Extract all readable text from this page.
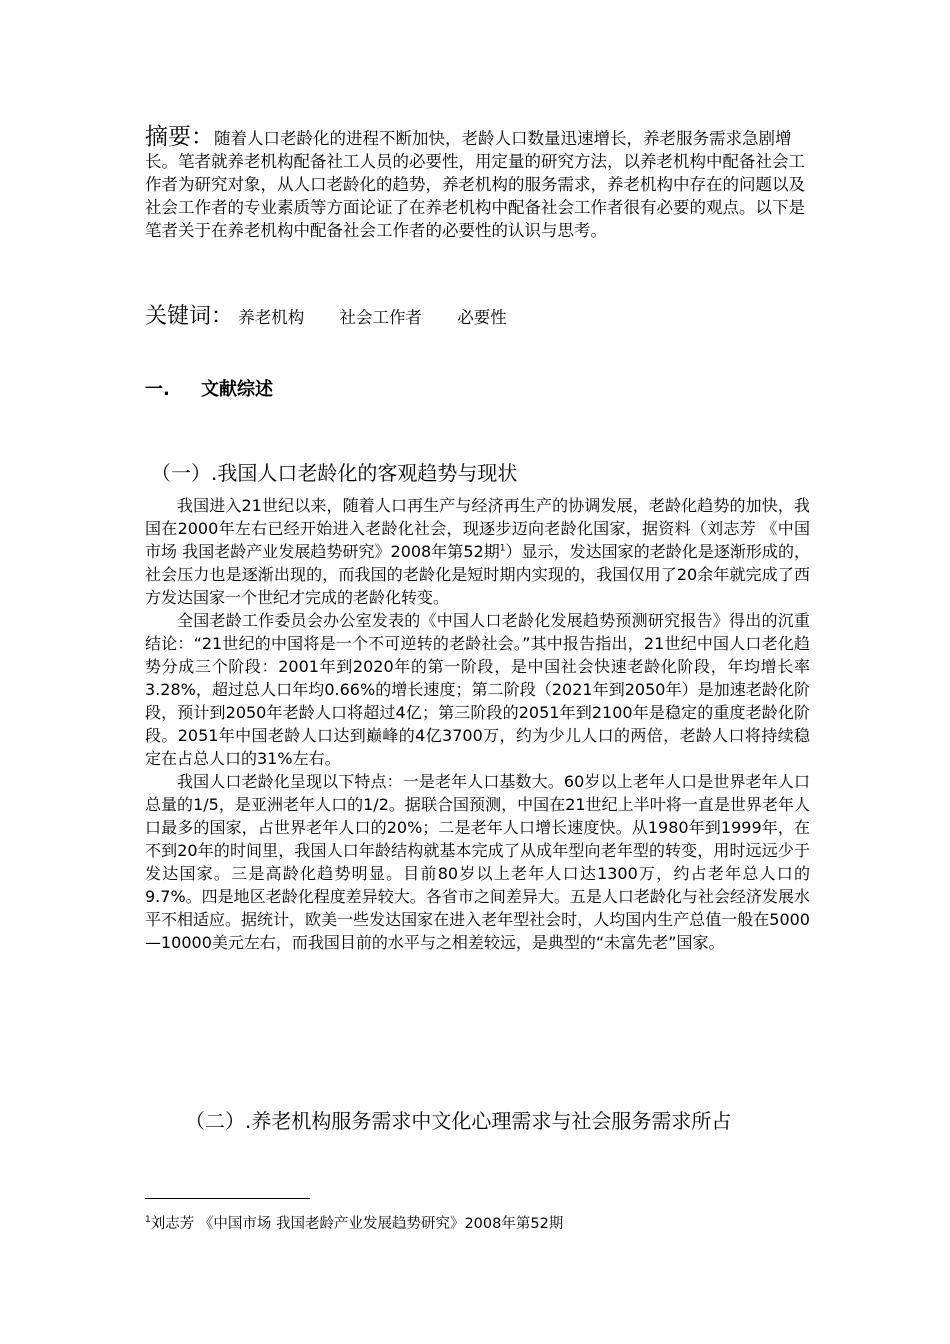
摘要：随着人口老龄化的进程不断加快，老龄人口数量迅速增长，养老服务需求急剧增长。笔者就养老机构配备社工人员的必要性，用定量的研究方法，以养老机构中配备社会工作者为研究对象，从人口老龄化的趋势，养老机构的服务需求，养老机构中存在的问题以及社会工作者的专业素质等方面论证了在养老机构中配备社会工作者很有必要的观点。以下是笔者关于在养老机构中配备社会工作者的必要性的认识与思考。
关键词： 养老机构 社会工作者 必要性
一. 文献综述
（一）.我国人口老龄化的客观趋势与现状

我国进入21世纪以来，随着人口再生产与经济再生产的协调发展，老龄化趋势的加快，我国在2000年左右已经开始进入老龄化社会，现逐步迈向老龄化国家，据资料（刘志芳 《中国市场 我国老龄产业发展趋势研究》2008年第52期$^1$）显示，发达国家的老龄化是逐渐形成的，社会压力也是逐渐出现的，而我国的老龄化是短时期内实现的，我国仅用了20余年就完成了西方发达国家一个世纪才完成的老龄化转变。

全国老龄工作委员会办公室发表的《中国人口老龄化发展趋势预测研究报告》得出的沉重结论：“21世纪的中国将是一个不可逆转的老龄社会。”其中报告指出，21世纪中国人口老化趋势分成三个阶段：2001年到2020年的第一阶段，是中国社会快速老龄化阶段，年均增长率3.28%，超过总人口年均0.66%的增长速度；第二阶段（2021年到2050年）是加速老龄化阶段，预计到2050年老龄人口将超过4亿；第三阶段的2051年到2100年是稳定的重度老龄化阶段。2051年中国老龄人口达到巅峰的4亿3700万，约为少儿人口的两倍，老龄人口将持续稳定在占总人口的31%左右。

我国人口老龄化呈现以下特点：一是老年人口基数大。60岁以上老年人口是世界老年人口总量的1/5，是亚洲老年人口的1/2。据联合国预测，中国在21世纪上半叶将一直是世界老年人口最多的国家，占世界老年人口的20%；二是老年人口增长速度快。从1980年到1999年，在不到20年的时间里，我国人口年龄结构就基本完成了从成年型向老年型的转变，用时远远少于发达国家。三是高龄化趋势明显。目前80岁以上老年人口达1300万，约占老年总人口的9.7%。四是地区老龄化程度差异较大。各省市之间差异大。五是人口老龄化与社会经济发展水平不相适应。据统计，欧美一些发达国家在进入老年型社会时，人均国内生产总值一般在5000—10000美元左右，而我国目前的水平与之相差较远，是典型的“未富先老”国家。

（二）.养老机构服务需求中文化心理需求与社会服务需求所占
$^1$刘志芳 《中国市场 我国老龄产业发展趋势研究》2008年第52期
